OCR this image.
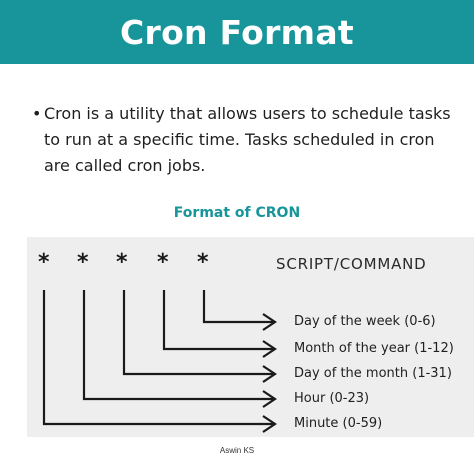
Cron Format
• Cron is a utility that allows users to schedule tasks to run at a specific time. Tasks scheduled in cron are called cron jobs.
Format of CRON
* * * * *	SCRIPT/COMMAND
Day of the week (0-6)
Month of the year (1-12)
Day of the month (1-31)
Hour (0-23)
Minute (0-59)
Aswin KS
